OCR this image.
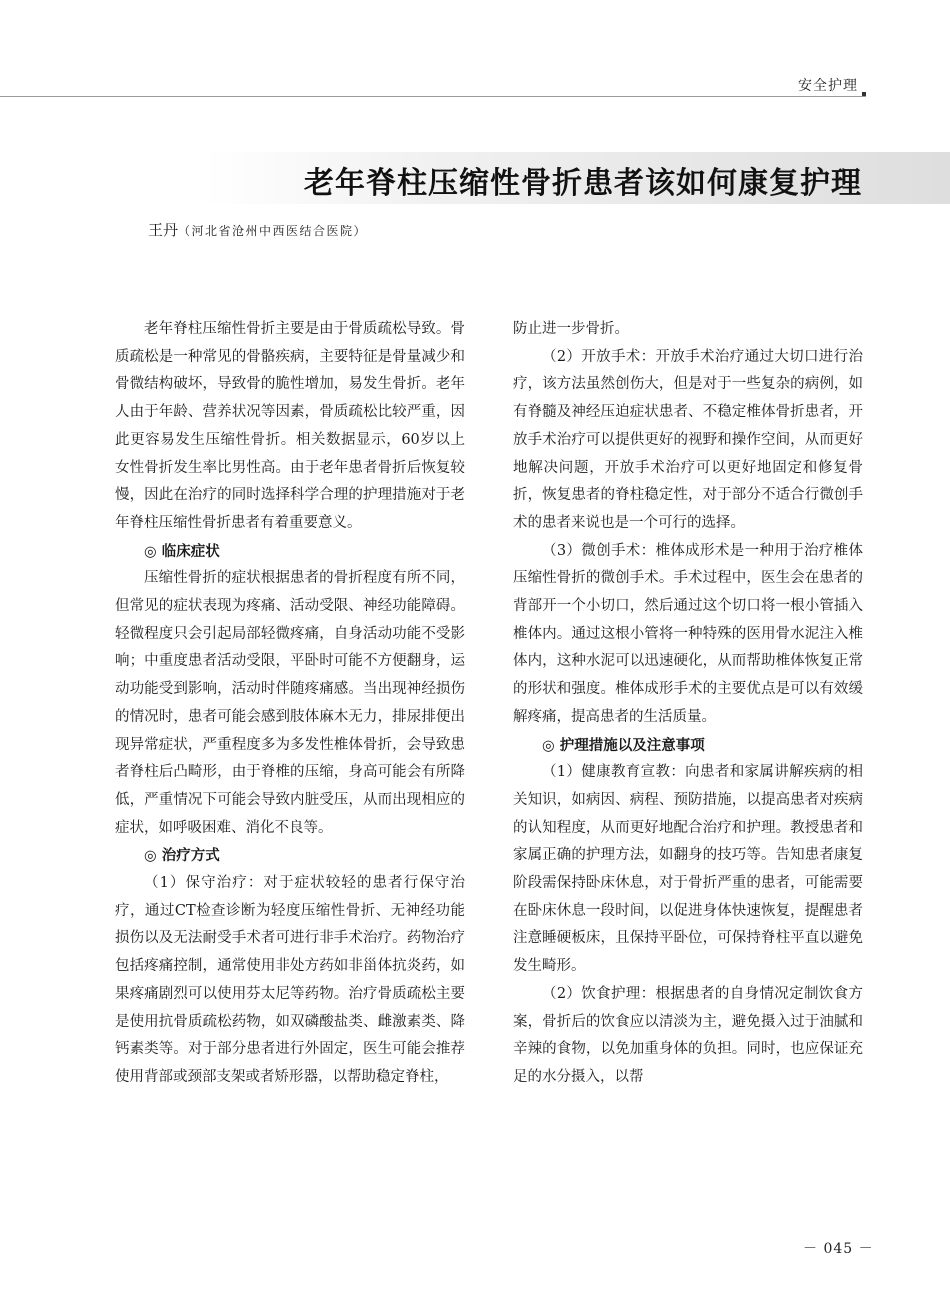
安全护理
老年脊柱压缩性骨折患者该如何康复护理
王丹（河北省沧州中西医结合医院）

老年脊柱压缩性骨折主要是由于骨质疏松导致。骨质疏松是一种常见的骨骼疾病，主要特征是骨量减少和骨微结构破坏，导致骨的脆性增加，易发生骨折。老年人由于年龄、营养状况等因素，骨质疏松比较严重，因此更容易发生压缩性骨折。相关数据显示，60岁以上女性骨折发生率比男性高。由于老年患者骨折后恢复较慢，因此在治疗的同时选择科学合理的护理措施对于老年脊柱压缩性骨折患者有着重要意义。

◎ 临床症状

压缩性骨折的症状根据患者的骨折程度有所不同，但常见的症状表现为疼痛、活动受限、神经功能障碍。轻微程度只会引起局部轻微疼痛，自身活动功能不受影响；中重度患者活动受限，平卧时可能不方便翻身，运动功能受到影响，活动时伴随疼痛感。当出现神经损伤的情况时，患者可能会感到肢体麻木无力，排尿排便出现异常症状，严重程度多为多发性椎体骨折，会导致患者脊柱后凸畸形，由于脊椎的压缩，身高可能会有所降低，严重情况下可能会导致内脏受压，从而出现相应的症状，如呼吸困难、消化不良等。

◎ 治疗方式

（1）保守治疗：对于症状较轻的患者行保守治疗，通过CT检查诊断为轻度压缩性骨折、无神经功能损伤以及无法耐受手术者可进行非手术治疗。药物治疗包括疼痛控制，通常使用非处方药如非甾体抗炎药，如果疼痛剧烈可以使用芬太尼等药物。治疗骨质疏松主要是使用抗骨质疏松药物，如双磷酸盐类、雌激素类、降钙素类等。对于部分患者进行外固定，医生可能会推荐使用背部或颈部支架或者矫形器，以帮助稳定脊柱，

防止进一步骨折。

（2）开放手术：开放手术治疗通过大切口进行治疗，该方法虽然创伤大，但是对于一些复杂的病例，如有脊髓及神经压迫症状患者、不稳定椎体骨折患者，开放手术治疗可以提供更好的视野和操作空间，从而更好地解决问题，开放手术治疗可以更好地固定和修复骨折，恢复患者的脊柱稳定性，对于部分不适合行微创手术的患者来说也是一个可行的选择。

（3）微创手术：椎体成形术是一种用于治疗椎体压缩性骨折的微创手术。手术过程中，医生会在患者的背部开一个小切口，然后通过这个切口将一根小管插入椎体内。通过这根小管将一种特殊的医用骨水泥注入椎体内，这种水泥可以迅速硬化，从而帮助椎体恢复正常的形状和强度。椎体成形手术的主要优点是可以有效缓解疼痛，提高患者的生活质量。

◎ 护理措施以及注意事项

（1）健康教育宣教：向患者和家属讲解疾病的相关知识，如病因、病程、预防措施，以提高患者对疾病的认知程度，从而更好地配合治疗和护理。教授患者和家属正确的护理方法，如翻身的技巧等。告知患者康复阶段需保持卧床休息，对于骨折严重的患者，可能需要在卧床休息一段时间，以促进身体快速恢复，提醒患者注意睡硬板床，且保持平卧位，可保持脊柱平直以避免发生畸形。

（2）饮食护理：根据患者的自身情况定制饮食方案，骨折后的饮食应以清淡为主，避免摄入过于油腻和辛辣的食物，以免加重身体的负担。同时，也应保证充足的水分摄入，以帮

－ 045 －
